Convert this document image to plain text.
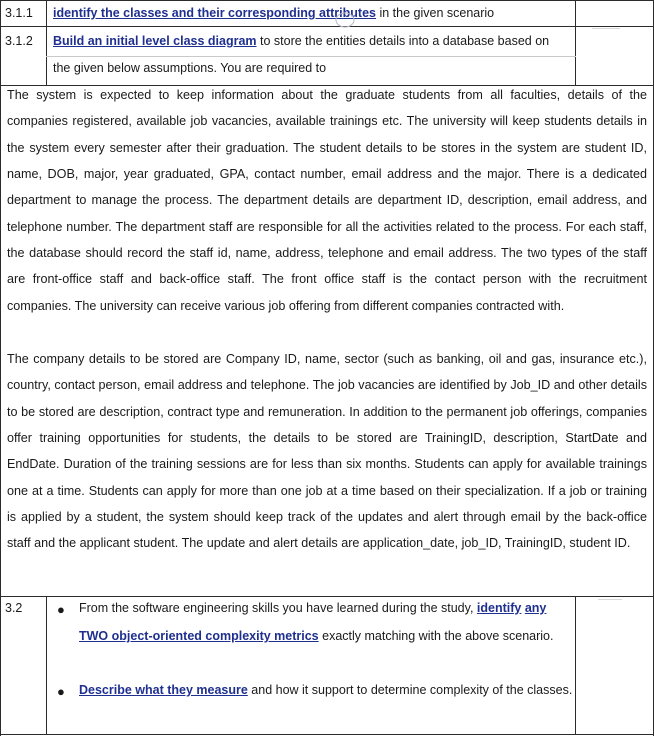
3.1.1 identify the classes and their corresponding attributes in the given scenario
3.1.2 Build an initial level class diagram to store the entities details into a database based on
the given below assumptions. You are required to
The system is expected to keep information about the graduate students from all faculties, details of the companies registered, available job vacancies, available trainings etc. The university will keep students details in the system every semester after their graduation. The student details to be stores in the system are student ID, name, DOB, major, year graduated, GPA, contact number, email address and the major. There is a dedicated department to manage the process. The department details are department ID, description, email address, and telephone number. The department staff are responsible for all the activities related to the process. For each staff, the database should record the staff id, name, address, telephone and email address. The two types of the staff are front-office staff and back-office staff. The front office staff is the contact person with the recruitment companies. The university can receive various job offering from different companies contracted with.
The company details to be stored are Company ID, name, sector (such as banking, oil and gas, insurance etc.), country, contact person, email address and telephone. The job vacancies are identified by Job_ID and other details to be stored are description, contract type and remuneration. In addition to the permanent job offerings, companies offer training opportunities for students, the details to be stored are TrainingID, description, StartDate and EndDate. Duration of the training sessions are for less than six months. Students can apply for available trainings one at a time. Students can apply for more than one job at a time based on their specialization. If a job or training is applied by a student, the system should keep track of the updates and alert through email by the back-office staff and the applicant student. The update and alert details are application_date, job_ID, TrainingID, student ID.
3.2	●	From the software engineering skills you have learned during the study, identify any TWO object-oriented complexity metrics exactly matching with the above scenario.
●	Describe what they measure and how it support to determine complexity of the classes.
